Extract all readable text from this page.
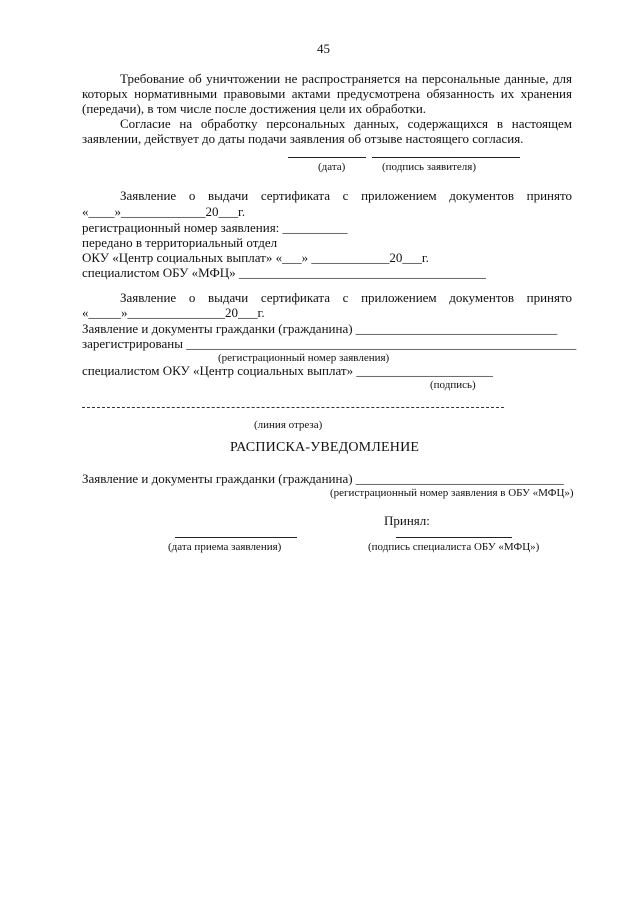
45
Требование об уничтожении не распространяется на персональные данные, для
которых нормативными правовыми актами предусмотрена обязанность их хранения
(передачи), в том числе после достижения цели их обработки.
Согласие на обработку персональных данных, содержащихся в настоящем
заявлении, действует до даты подачи заявления об отзыве настоящего согласия.
(дата)	(подпись заявителя)
Заявление о выдачи сертификата с приложением документов принято
«____»_____________20___г.
регистрационный номер заявления: __________
передано в территориальный отдел
ОКУ «Центр социальных выплат» «___» ____________20___г.
специалистом ОБУ «МФЦ» ______________________________________
Заявление о выдачи сертификата с приложением документов принято
«_____»_______________20___г.
Заявление и документы гражданки (гражданина) _______________________________
зарегистрированы ____________________________________________________________
(регистрационный номер заявления)
специалистом ОКУ «Центр социальных выплат» _____________________
(подпись)
(линия отреза)
РАСПИСКА-УВЕДОМЛЕНИЕ
Заявление и документы гражданки (гражданина) ________________________________
(регистрационный номер заявления в ОБУ «МФЦ»)
Принял:
(дата приема заявления)	(подпись специалиста ОБУ «МФЦ»)
